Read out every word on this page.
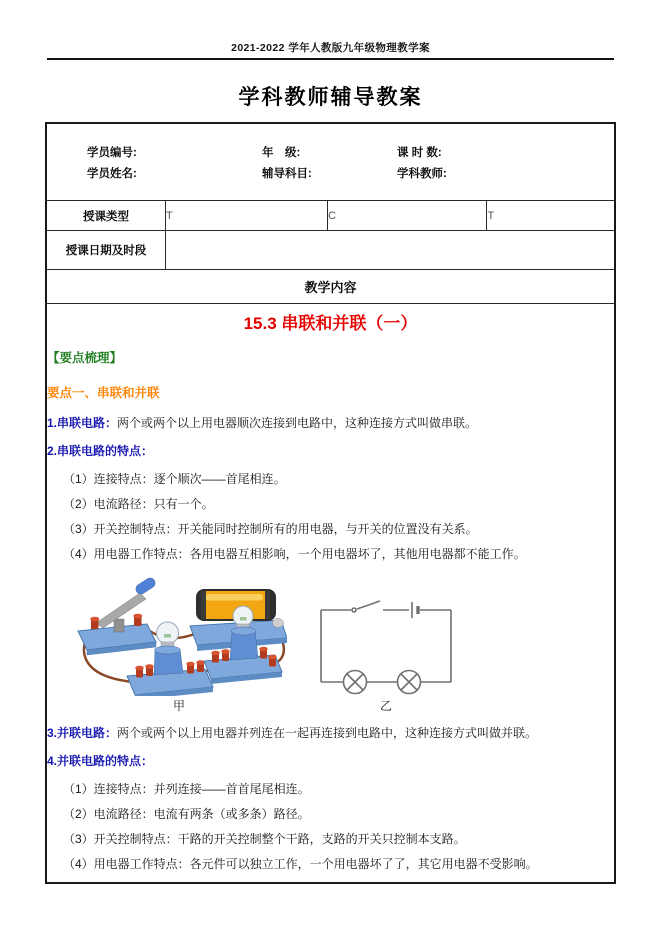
2021-2022 学年人教版九年级物理教学案
学科教师辅导教案
学员编号:	年　级:	课 时 数:
学员姓名:	辅导科目:	学科教师:

授课类型	T	C	T
授课日期及时段			
教学内容			

15.3 串联和并联（一）
【要点梳理】
要点一、串联和并联

1.串联电路：两个或两个以上用电器顺次连接到电路中，这种连接方式叫做串联。

2.串联电路的特点：

（1）连接特点：逐个顺次——首尾相连。

（2）电流路径：只有一个。

（3）开关控制特点：开关能同时控制所有的用电器，与开关的位置没有关系。

（4）用电器工作特点：各用电器互相影响，一个用电器坏了，其他用电器都不能工作。

甲	乙

3.并联电路：两个或两个以上用电器并列连在一起再连接到电路中，这种连接方式叫做并联。

4.并联电路的特点：

（1）连接特点：并列连接——首首尾尾相连。

（2）电流路径：电流有两条（或多条）路径。

（3）开关控制特点：干路的开关控制整个干路，支路的开关只控制本支路。

（4）用电器工作特点：各元件可以独立工作，一个用电器坏了了，其它用电器不受影响。
